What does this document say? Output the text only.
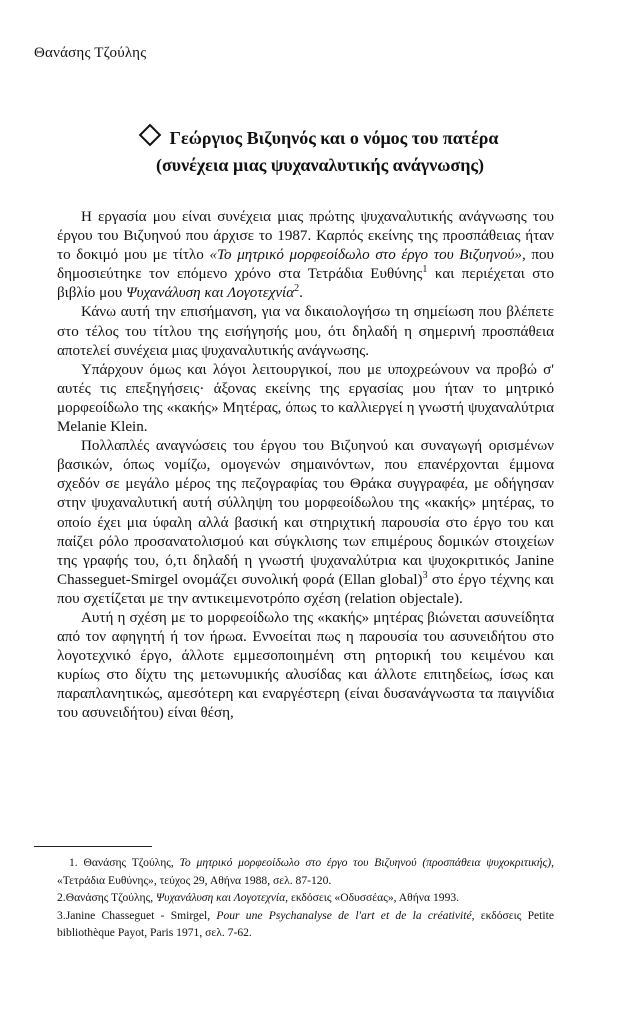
Θανάσης Τζούλης
Γεώργιος Βιζυηνός και ο νόμος του πατέρα
(συνέχεια μιας ψυχαναλυτικής ανάγνωσης)

Η εργασία μου είναι συνέχεια μιας πρώτης ψυχαναλυτικής ανάγνωσης του έργου του Βιζυηνού που άρχισε το 1987. Καρπός εκείνης της προσπάθειας ήταν το δοκιμό μου με τίτλο «Το μητρικό μορφεοίδωλο στο έργο του Βιζυηνού», που δημοσιεύτηκε τον επόμενο χρόνο στα Τετράδια Ευθύνης$^1$ και περιέχεται στο βιβλίο μου Ψυχανάλυση και Λογοτεχνία$^2$.

Κάνω αυτή την επισήμανση, για να δικαιολογήσω τη σημείωση που βλέπετε στο τέλος του τίτλου της εισήγησής μου, ότι δηλαδή η σημερινή προσπάθεια αποτελεί συνέχεια μιας ψυχαναλυτικής ανάγνωσης.

Υπάρχουν όμως και λόγοι λειτουργικοί, που με υποχρεώνουν να προβώ σ' αυτές τις επεξηγήσεις· άξονας εκείνης της εργασίας μου ήταν το μητρικό μορφεοίδωλο της «κακής» Μητέρας, όπως το καλλιεργεί η γνωστή ψυχαναλύτρια Melanie Klein.

Πολλαπλές αναγνώσεις του έργου του Βιζυηνού και συναγωγή ορισμένων βασικών, όπως νομίζω, ομογενών σημαινόντων, που επανέρχονται έμμονα σχεδόν σε μεγάλο μέρος της πεζογραφίας του Θράκα συγγραφέα, με οδήγησαν στην ψυχαναλυτική αυτή σύλληψη του μορφεοίδωλου της «κακής» μητέρας, το οποίο έχει μια ύφαλη αλλά βασική και στηριχτική παρουσία στο έργο του και παίζει ρόλο προσανατολισμού και σύγκλισης των επιμέρους δομικών στοιχείων της γραφής του, ό,τι δηλαδή η γνωστή ψυχαναλύτρια και ψυχοκριτικός Janine Chasseguet-Smirgel ονομάζει συνολική φορά (Ellan global)$^3$ στο έργο τέχνης και που σχετίζεται με την αντικειμενοτρόπο σχέση (relation objectale).

Αυτή η σχέση με το μορφεοίδωλο της «κακής» μητέρας βιώνεται ασυνείδητα από τον αφηγητή ή τον ήρωα. Εννοείται πως η παρουσία του ασυνειδήτου στο λογοτεχνικό έργο, άλλοτε εμμεσοποιημένη στη ρητορική του κειμένου και κυρίως στο δίχτυ της μετωνυμικής αλυσίδας και άλλοτε επιτηδείως, ίσως και παραπλανητικώς, αμεσότερη και εναργέστερη (είναι δυσανάγνωστα τα παιγνίδια του ασυνειδήτου) είναι θέση,

1. Θανάσης Τζούλης, Το μητρικό μορφεοίδωλο στο έργο του Βιζυηνού (προσπάθεια ψυχοκριτικής), «Τετράδια Ευθύνης», τεύχος 29, Αθήνα 1988, σελ. 87-120.

2.Θανάσης Τζούλης, Ψυχανάλυση και Λογοτεχνία, εκδόσεις «Οδυσσέας», Αθήνα 1993.

3.Janine Chasseguet - Smirgel, Pour une Psychanalyse de l'art et de la créativité, εκδόσεις Petite bibliothèque Payot, Paris 1971, σελ. 7-62.
